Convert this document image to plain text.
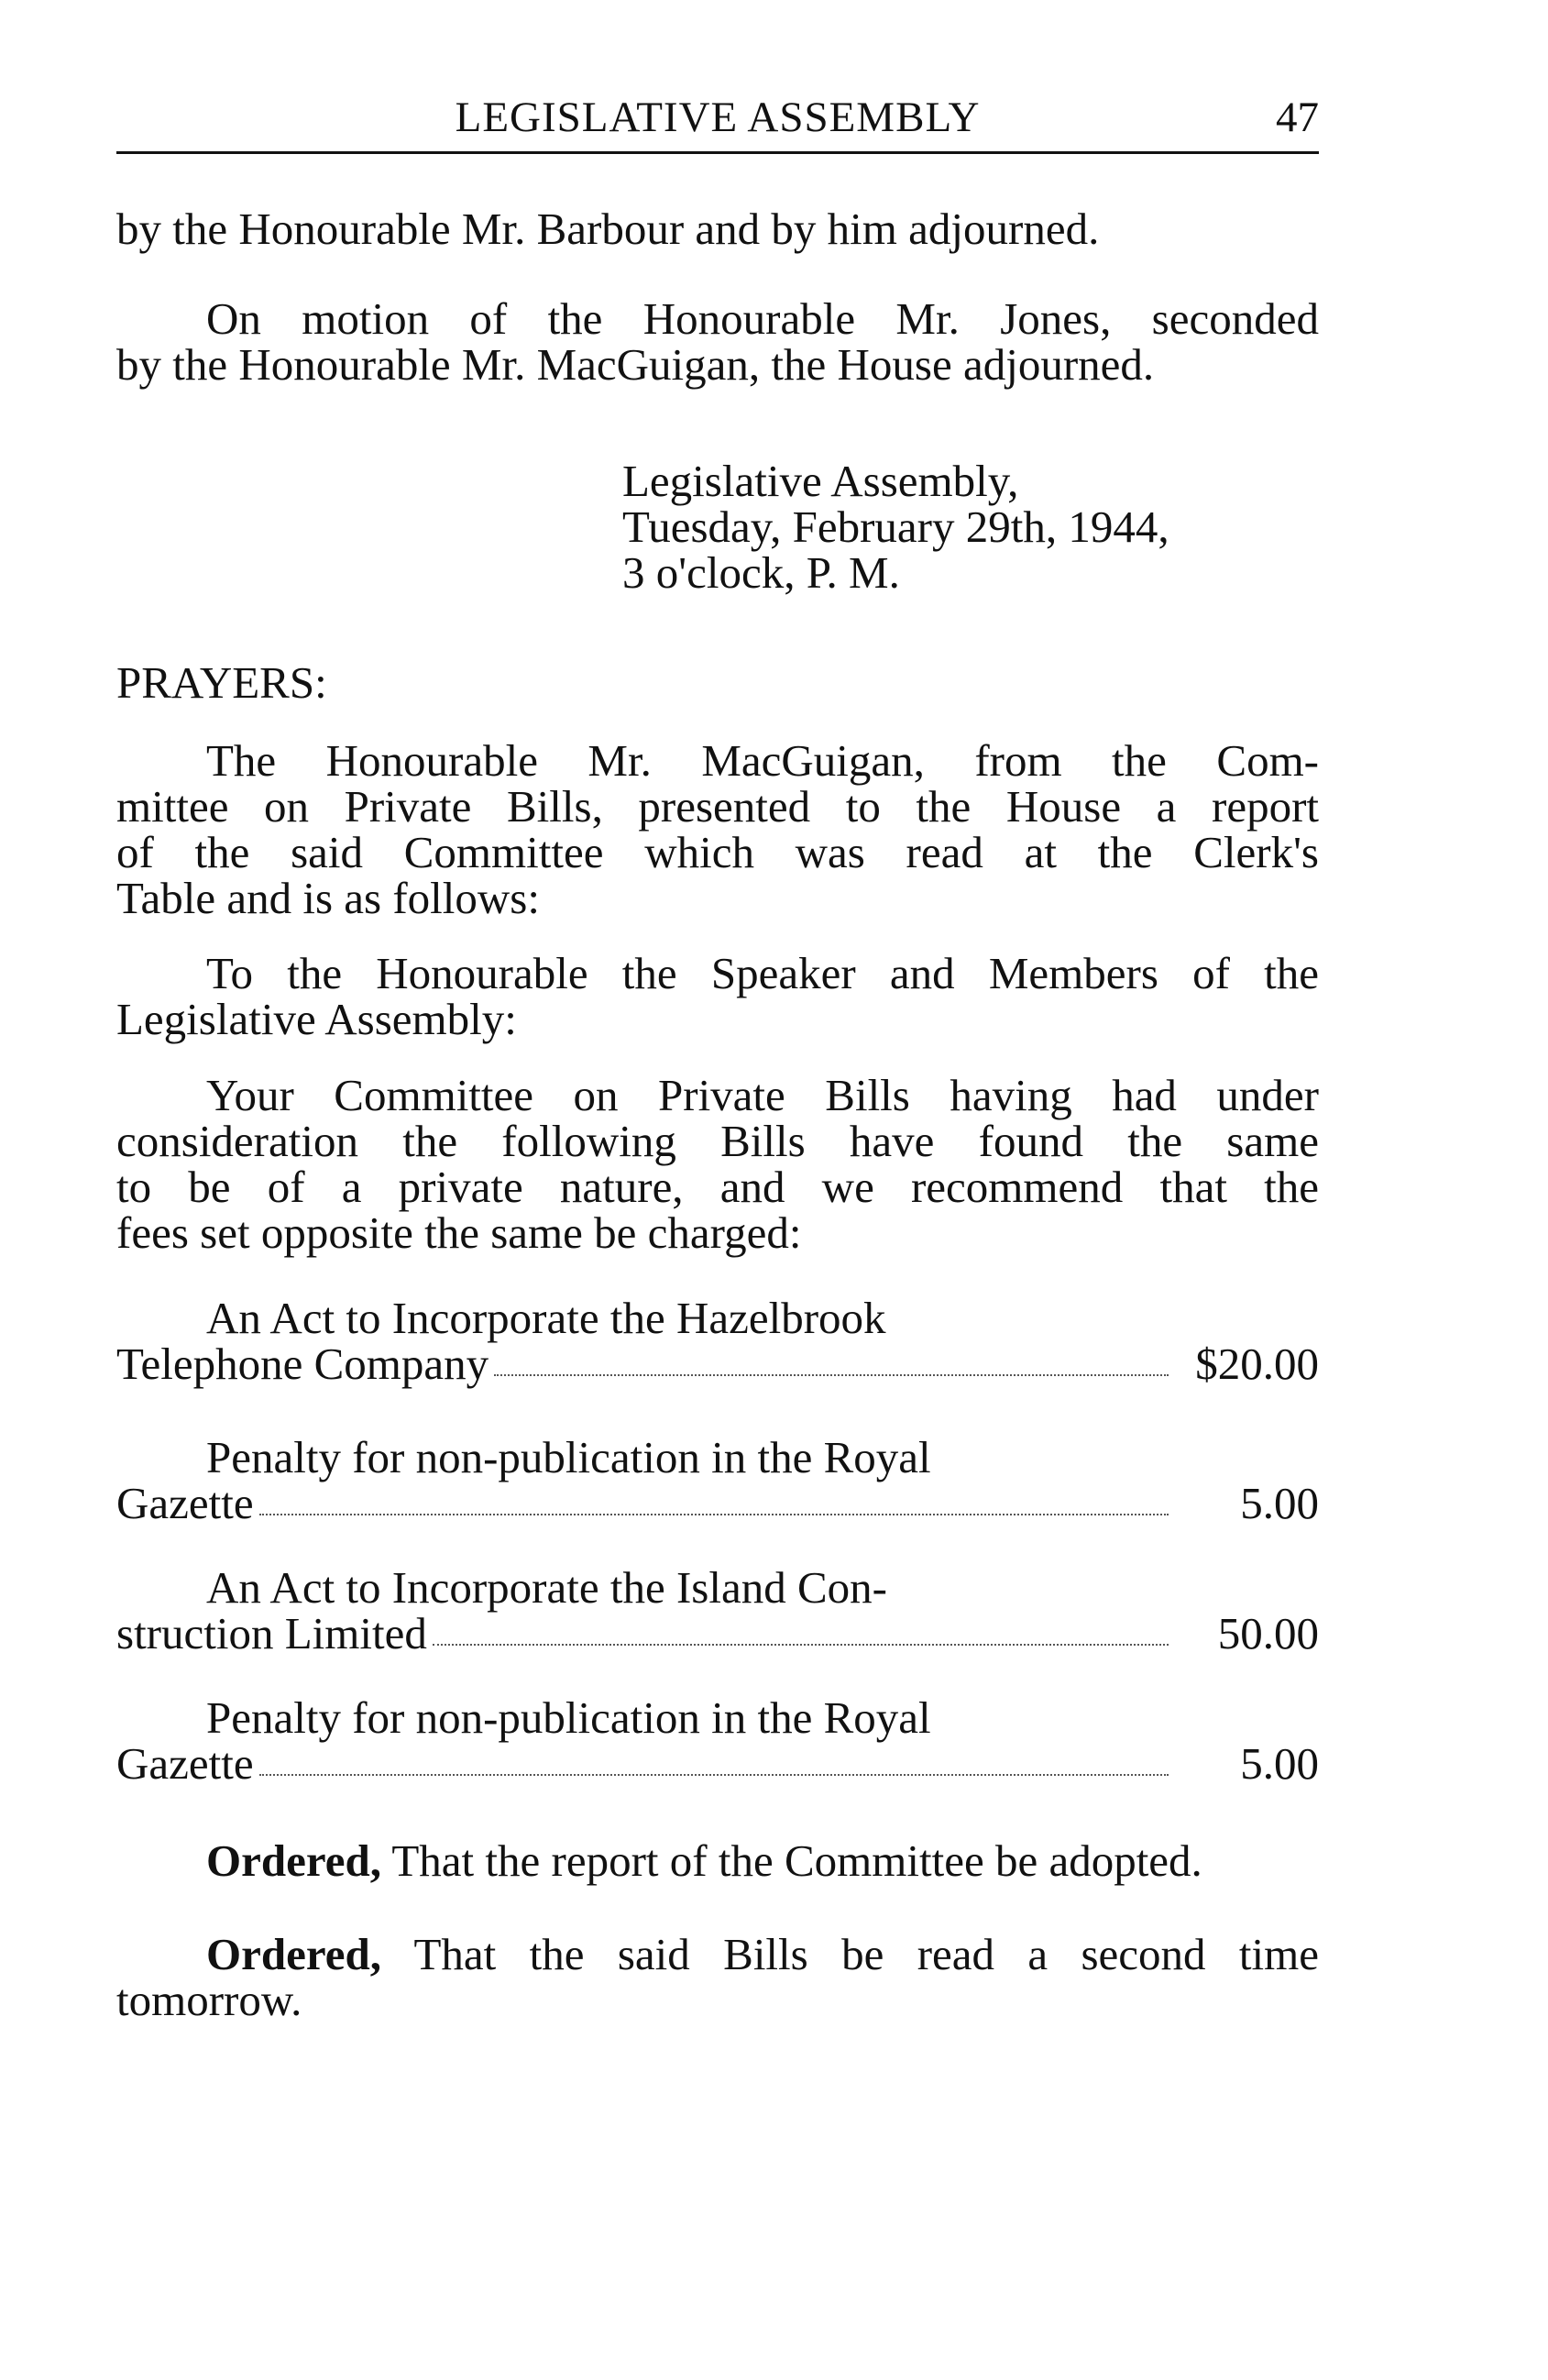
LEGISLATIVE ASSEMBLY	47
by the Honourable Mr. Barbour and by him adjourned.
On motion of the Honourable Mr. Jones, seconded
by the Honourable Mr. MacGuigan, the House adjourned.
Legislative Assembly,
Tuesday, February 29th, 1944,
3 o'clock, P. M.
PRAYERS:
The Honourable Mr. MacGuigan, from the Com-
mittee on Private Bills, presented to the House a report
of the said Committee which was read at the Clerk's
Table and is as follows:
To the Honourable the Speaker and Members of the
Legislative Assembly:
Your Committee on Private Bills having had under
consideration the following Bills have found the same
to be of a private nature, and we recommend that the
fees set opposite the same be charged:
An Act to Incorporate the Hazelbrook
Telephone Company	$20.00
Penalty for non-publication in the Royal
Gazette	5.00
An Act to Incorporate the Island Con-
struction Limited	50.00
Penalty for non-publication in the Royal
Gazette	5.00
Ordered, That the report of the Committee be adopted.
Ordered, That the said Bills be read a second time
tomorrow.
